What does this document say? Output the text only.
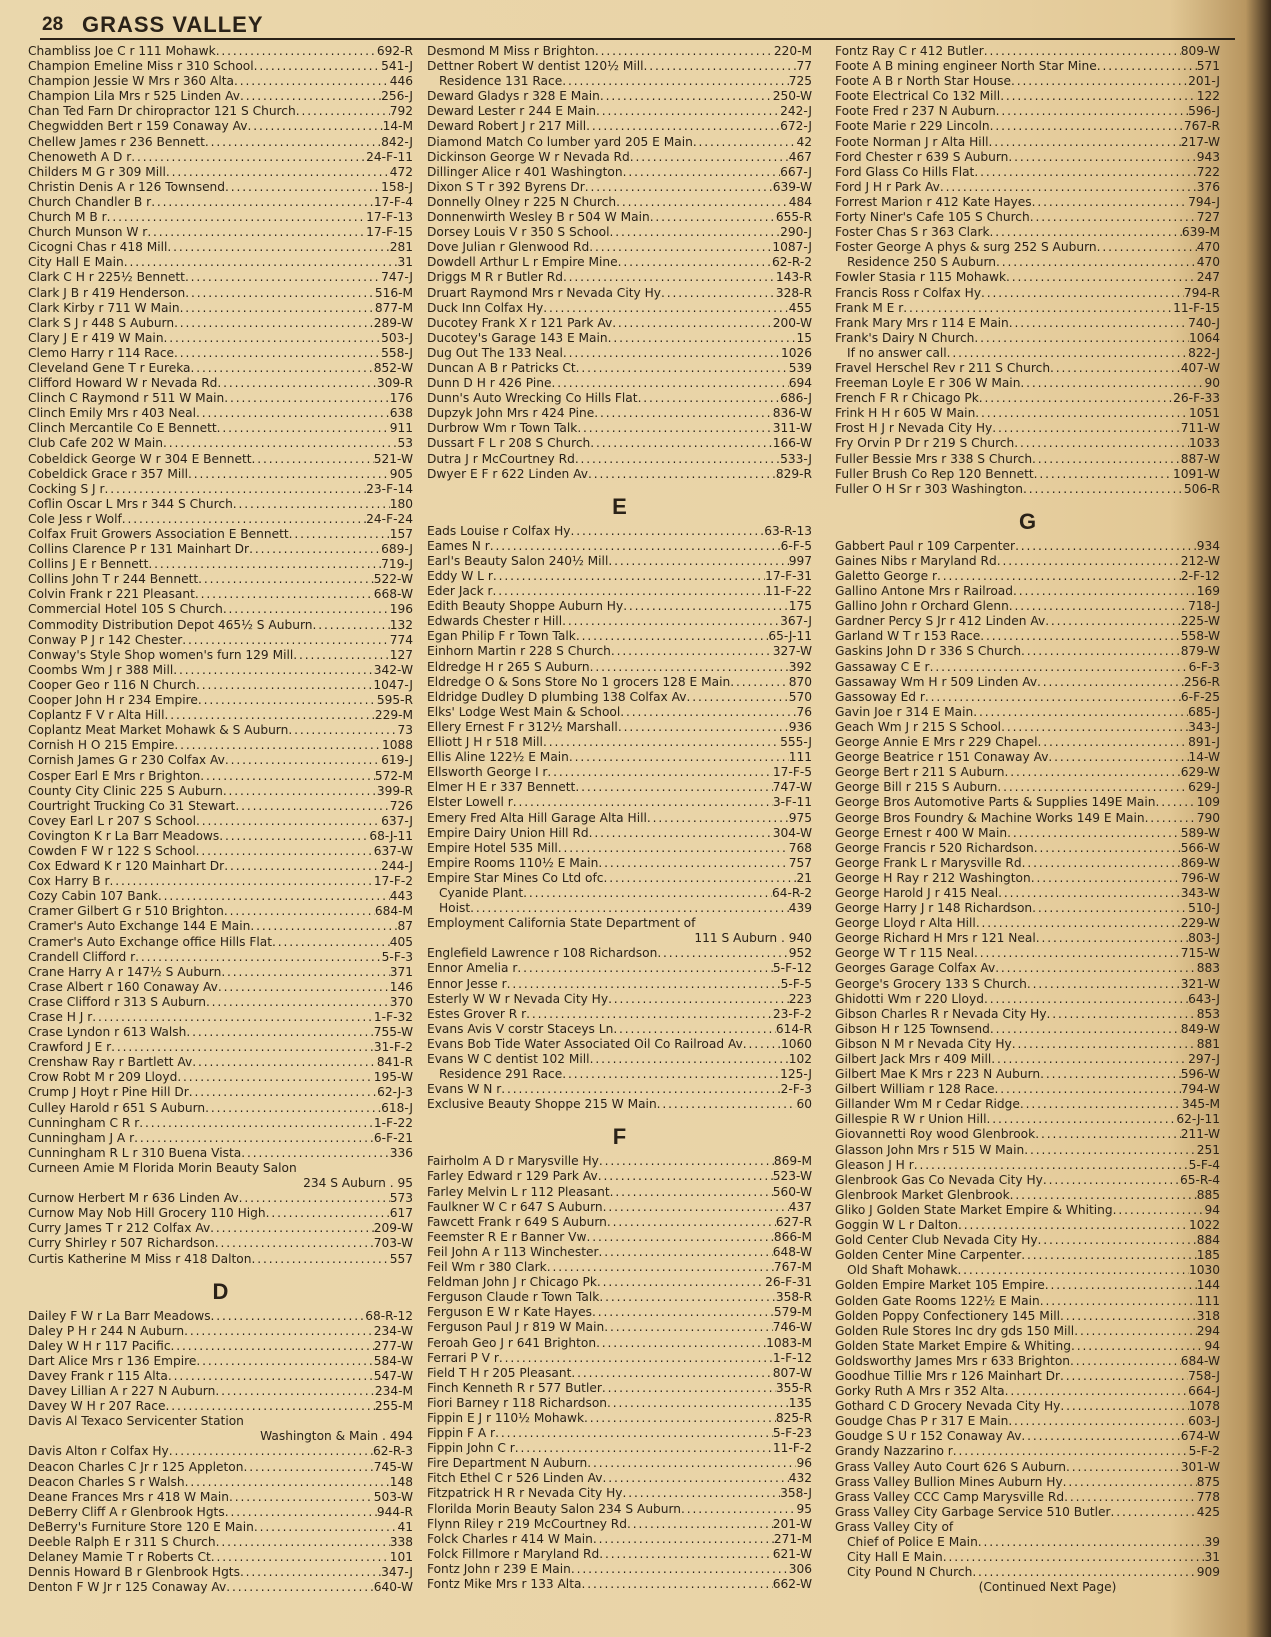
28 GRASS VALLEY
Chambliss Joe C r 111 Mohawk . . .	692-R
Champion Emeline Miss r 310 School . . .	541-J
Champion Jessie W Mrs r 360 Alta . . .	446
Champion Lila Mrs r 525 Linden Av . . .	256-J
Chan Ted Farn Dr chiropractor 121 S Church . . .	792
Chegwidden Bert r 159 Conaway Av . . .	14-M
Chellew James r 236 Bennett . . .	842-J
Chenoweth A D r . . .	24-F-11
Childers M G r 309 Mill . . .	472
Christin Denis A r 126 Townsend . . .	158-J
Church Chandler B r . . .	17-F-4
Church M B r . . .	17-F-13
Church Munson W r . . .	17-F-15
Cicogni Chas r 418 Mill . . .	281
City Hall E Main . . .	31
Clark C H r 225½ Bennett . . .	747-J
Clark J B r 419 Henderson . . .	516-M
Clark Kirby r 711 W Main . . .	877-M
Clark S J r 448 S Auburn . . .	289-W
Clary J E r 419 W Main . . .	503-J
Clemo Harry r 114 Race . . .	558-J
Cleveland Gene T r Eureka . . .	852-W
Clifford Howard W r Nevada Rd . . .	309-R
Clinch C Raymond r 511 W Main . . .	176
Clinch Emily Mrs r 403 Neal . . .	638
Clinch Mercantile Co E Bennett . . .	911
Club Cafe 202 W Main . . .	53
Cobeldick George W r 304 E Bennett . . .	521-W
Cobeldick Grace r 357 Mill . . .	905
Cocking S J r . . .	23-F-14
Coflin Oscar L Mrs r 344 S Church . . .	180
Cole Jess r Wolf . . .	24-F-24
Colfax Fruit Growers Association E Bennett . . .	157
Collins Clarence P r 131 Mainhart Dr . . .	689-J
Collins J E r Bennett . . .	719-J
Collins John T r 244 Bennett . . .	522-W
Colvin Frank r 221 Pleasant . . .	668-W
Commercial Hotel 105 S Church . . .	196
Commodity Distribution Depot 465½ S Auburn . . .	132
Conway P J r 142 Chester . . .	774
Conway's Style Shop women's furn 129 Mill . . .	127
Coombs Wm J r 388 Mill . . .	342-W
Cooper Geo r 116 N Church . . .	1047-J
Cooper John H r 234 Empire . . .	595-R
Coplantz F V r Alta Hill . . .	229-M
Coplantz Meat Market Mohawk & S Auburn . . .	73
Cornish H O 215 Empire . . .	1088
Cornish James G r 230 Colfax Av . . .	619-J
Cosper Earl E Mrs r Brighton . . .	572-M
County City Clinic 225 S Auburn . . .	399-R
Courtright Trucking Co 31 Stewart . . .	726
Covey Earl L r 207 S School . . .	637-J
Covington K r La Barr Meadows . . .	68-J-11
Cowden F W r 122 S School . . .	637-W
Cox Edward K r 120 Mainhart Dr . . .	244-J
Cox Harry B r . . .	17-F-2
Cozy Cabin 107 Bank . . .	443
Cramer Gilbert G r 510 Brighton . . .	684-M
Cramer's Auto Exchange 144 E Main . . .	87
Cramer's Auto Exchange office Hills Flat . . .	405
Crandell Clifford r . . .	5-F-3
Crane Harry A r 147½ S Auburn . . .	371
Crase Albert r 160 Conaway Av . . .	146
Crase Clifford r 313 S Auburn . . .	370
Crase H J r . . .	1-F-32
Crase Lyndon r 613 Walsh . . .	755-W
Crawford J E r . . .	31-F-2
Crenshaw Ray r Bartlett Av . . .	841-R
Crow Robt M r 209 Lloyd . . .	195-W
Crump J Hoyt r Pine Hill Dr . . .	62-J-3
Culley Harold r 651 S Auburn . . .	618-J
Cunningham C R r . . .	1-F-22
Cunningham J A r . . .	6-F-21
Cunningham R L r 310 Buena Vista . . .	336
Curneen Amie M Florida Morin Beauty Salon
234 S Auburn . 95
Curnow Herbert M r 636 Linden Av . . .	573
Curnow May Nob Hill Grocery 110 High . . .	617
Curry James T r 212 Colfax Av . . .	209-W
Curry Shirley r 507 Richardson . . .	703-W
Curtis Katherine M Miss r 418 Dalton . . .	557
D
Dailey F W r La Barr Meadows . . .	68-R-12
Daley P H r 244 N Auburn . . .	234-W
Daley W H r 117 Pacific . . .	277-W
Dart Alice Mrs r 136 Empire . . .	584-W
Davey Frank r 115 Alta . . .	547-W
Davey Lillian A r 227 N Auburn . . .	234-M
Davey W H r 207 Race . . .	255-M
Davis Al Texaco Servicenter Station
Washington & Main . 494
Davis Alton r Colfax Hy . . .	62-R-3
Deacon Charles C Jr r 125 Appleton . . .	745-W
Deacon Charles S r Walsh . . .	148
Deane Frances Mrs r 418 W Main . . .	503-W
DeBerry Cliff A r Glenbrook Hgts . . .	944-R
DeBerry's Furniture Store 120 E Main . . .	41
Deeble Ralph E r 311 S Church . . .	338
Delaney Mamie T r Roberts Ct . . .	101
Dennis Howard B r Glenbrook Hgts . . .	347-J
Denton F W Jr r 125 Conaway Av . . .	640-W
Desmond M Miss r Brighton . . .	220-M
Dettner Robert W dentist 120½ Mill . . .	77
Residence 131 Race . . .	725
Deward Gladys r 328 E Main . . .	250-W
Deward Lester r 244 E Main . . .	242-J
Deward Robert J r 217 Mill . . .	672-J
Diamond Match Co lumber yard 205 E Main . . .	42
Dickinson George W r Nevada Rd . . .	467
Dillinger Alice r 401 Washington . . .	667-J
Dixon S T r 392 Byrens Dr . . .	639-W
Donnelly Olney r 225 N Church . . .	484
Donnenwirth Wesley B r 504 W Main . . .	655-R
Dorsey Louis V r 350 S School . . .	290-J
Dove Julian r Glenwood Rd . . .	1087-J
Dowdell Arthur L r Empire Mine . . .	62-R-2
Driggs M R r Butler Rd . . .	143-R
Druart Raymond Mrs r Nevada City Hy . . .	328-R
Duck Inn Colfax Hy . . .	455
Ducotey Frank X r 121 Park Av . . .	200-W
Ducotey's Garage 143 E Main . . .	15
Dug Out The 133 Neal . . .	1026
Duncan A B r Patricks Ct . . .	539
Dunn D H r 426 Pine . . .	694
Dunn's Auto Wrecking Co Hills Flat . . .	686-J
Dupzyk John Mrs r 424 Pine . . .	836-W
Durbrow Wm r Town Talk . . .	311-W
Dussart F L r 208 S Church . . .	166-W
Dutra J r McCourtney Rd . . .	533-J
Dwyer E F r 622 Linden Av . . .	829-R
E
Eads Louise r Colfax Hy . . .	63-R-13
Eames N r . . .	6-F-5
Earl's Beauty Salon 240½ Mill . . .	997
Eddy W L r . . .	17-F-31
Eder Jack r . . .	11-F-22
Edith Beauty Shoppe Auburn Hy . . .	175
Edwards Chester r Hill . . .	367-J
Egan Philip F r Town Talk . . .	65-J-11
Einhorn Martin r 228 S Church . . .	327-W
Eldredge H r 265 S Auburn . . .	392
Eldredge O & Sons Store No 1 grocers 128 E Main . . .	870
Eldridge Dudley D plumbing 138 Colfax Av . . .	570
Elks' Lodge West Main & School . . .	76
Ellery Ernest F r 312½ Marshall . . .	936
Elliott J H r 518 Mill . . .	555-J
Ellis Aline 122½ E Main . . .	111
Ellsworth George I r . . .	17-F-5
Elmer H E r 337 Bennett . . .	747-W
Elster Lowell r . . .	3-F-11
Emery Fred Alta Hill Garage Alta Hill . . .	975
Empire Dairy Union Hill Rd . . .	304-W
Empire Hotel 535 Mill . . .	768
Empire Rooms 110½ E Main . . .	757
Empire Star Mines Co Ltd ofc . . .	21
Cyanide Plant . . .	64-R-2
Hoist . . .	439
Employment California State Department of
111 S Auburn . 940
Englefield Lawrence r 108 Richardson . . .	952
Ennor Amelia r . . .	5-F-12
Ennor Jesse r . . .	5-F-5
Esterly W W r Nevada City Hy . . .	223
Estes Grover R r . . .	23-F-2
Evans Avis V corstr Staceys Ln . . .	614-R
Evans Bob Tide Water Associated Oil Co Railroad Av . . .	1060
Evans W C dentist 102 Mill . . .	102
Residence 291 Race . . .	125-J
Evans W N r . . .	2-F-3
Exclusive Beauty Shoppe 215 W Main . . .	60
F
Fairholm A D r Marysville Hy . . .	869-M
Farley Edward r 129 Park Av . . .	523-W
Farley Melvin L r 112 Pleasant . . .	560-W
Faulkner W C r 647 S Auburn . . .	437
Fawcett Frank r 649 S Auburn . . .	627-R
Feemster R E r Banner Vw . . .	866-M
Feil John A r 113 Winchester . . .	648-W
Feil Wm r 380 Clark . . .	767-M
Feldman John J r Chicago Pk . . .	26-F-31
Ferguson Claude r Town Talk . . .	358-R
Ferguson E W r Kate Hayes . . .	579-M
Ferguson Paul J r 819 W Main . . .	746-W
Feroah Geo J r 641 Brighton . . .	1083-M
Ferrari P V r . . .	1-F-12
Field T H r 205 Pleasant . . .	807-W
Finch Kenneth R r 577 Butler . . .	355-R
Fiori Barney r 118 Richardson . . .	135
Fippin E J r 110½ Mohawk . . .	825-R
Fippin F A r . . .	5-F-23
Fippin John C r . . .	11-F-2
Fire Department N Auburn . . .	96
Fitch Ethel C r 526 Linden Av . . .	432
Fitzpatrick H R r Nevada City Hy . . .	358-J
Florilda Morin Beauty Salon 234 S Auburn . . .	95
Flynn Riley r 219 McCourtney Rd . . .	201-W
Folck Charles r 414 W Main . . .	271-M
Folck Fillmore r Maryland Rd . . .	621-W
Fontz John r 239 E Main . . .	306
Fontz Mike Mrs r 133 Alta . . .	662-W
Fontz Ray C r 412 Butler . . .	809-W
Foote A B mining engineer North Star Mine . . .	571
Foote A B r North Star House . . .	201-J
Foote Electrical Co 132 Mill . . .	122
Foote Fred r 237 N Auburn . . .	596-J
Foote Marie r 229 Lincoln . . .	767-R
Foote Norman J r Alta Hill . . .	217-W
Ford Chester r 639 S Auburn . . .	943
Ford Glass Co Hills Flat . . .	722
Ford J H r Park Av . . .	376
Forrest Marion r 412 Kate Hayes . . .	794-J
Forty Niner's Cafe 105 S Church . . .	727
Foster Chas S r 363 Clark . . .	639-M
Foster George A phys & surg 252 S Auburn . . .	470
Residence 250 S Auburn . . .	470
Fowler Stasia r 115 Mohawk . . .	247
Francis Ross r Colfax Hy . . .	794-R
Frank M E r . . .	11-F-15
Frank Mary Mrs r 114 E Main . . .	740-J
Frank's Dairy N Church . . .	1064
If no answer call . . .	822-J
Fravel Herschel Rev r 211 S Church . . .	407-W
Freeman Loyle E r 306 W Main . . .	90
French F R r Chicago Pk . . .	26-F-33
Frink H H r 605 W Main . . .	1051
Frost H J r Nevada City Hy . . .	711-W
Fry Orvin P Dr r 219 S Church . . .	1033
Fuller Bessie Mrs r 338 S Church . . .	887-W
Fuller Brush Co Rep 120 Bennett . . .	1091-W
Fuller O H Sr r 303 Washington . . .	506-R
G
Gabbert Paul r 109 Carpenter . . .	934
Gaines Nibs r Maryland Rd . . .	212-W
Galetto George r . . .	2-F-12
Gallino Antone Mrs r Railroad . . .	169
Gallino John r Orchard Glenn . . .	718-J
Gardner Percy S Jr r 412 Linden Av . . .	225-W
Garland W T r 153 Race . . .	558-W
Gaskins John D r 336 S Church . . .	879-W
Gassaway C E r . . .	6-F-3
Gassaway Wm H r 509 Linden Av . . .	256-R
Gassoway Ed r . . .	6-F-25
Gavin Joe r 314 E Main . . .	685-J
Geach Wm J r 215 S School . . .	343-J
George Annie E Mrs r 229 Chapel . . .	891-J
George Beatrice r 151 Conaway Av . . .	14-W
George Bert r 211 S Auburn . . .	629-W
George Bill r 215 S Auburn . . .	629-J
George Bros Automotive Parts & Supplies 149E Main . . .	109
George Bros Foundry & Machine Works 149 E Main . . .	790
George Ernest r 400 W Main . . .	589-W
George Francis r 520 Richardson . . .	566-W
George Frank L r Marysville Rd . . .	869-W
George H Ray r 212 Washington . . .	796-W
George Harold J r 415 Neal . . .	343-W
George Harry J r 148 Richardson . . .	510-J
George Lloyd r Alta Hill . . .	229-W
George Richard H Mrs r 121 Neal . . .	803-J
George W T r 115 Neal . . .	715-W
Georges Garage Colfax Av . . .	883
George's Grocery 133 S Church . . .	321-W
Ghidotti Wm r 220 Lloyd . . .	643-J
Gibson Charles R r Nevada City Hy . . .	853
Gibson H r 125 Townsend . . .	849-W
Gibson N M r Nevada City Hy . . .	881
Gilbert Jack Mrs r 409 Mill . . .	297-J
Gilbert Mae K Mrs r 223 N Auburn . . .	596-W
Gilbert William r 128 Race . . .	794-W
Gillander Wm M r Cedar Ridge . . .	345-M
Gillespie R W r Union Hill . . .	62-J-11
Giovannetti Roy wood Glenbrook . . .	211-W
Glasson John Mrs r 515 W Main . . .	251
Gleason J H r . . .	5-F-4
Glenbrook Gas Co Nevada City Hy . . .	65-R-4
Glenbrook Market Glenbrook . . .	885
Gliko J Golden State Market Empire & Whiting . . .	94
Goggin W L r Dalton . . .	1022
Gold Center Club Nevada City Hy . . .	884
Golden Center Mine Carpenter . . .	185
Old Shaft Mohawk . . .	1030
Golden Empire Market 105 Empire . . .	144
Golden Gate Rooms 122½ E Main . . .	111
Golden Poppy Confectionery 145 Mill . . .	318
Golden Rule Stores Inc dry gds 150 Mill . . .	294
Golden State Market Empire & Whiting . . .	94
Goldsworthy James Mrs r 633 Brighton . . .	684-W
Goodhue Tillie Mrs r 126 Mainhart Dr . . .	758-J
Gorky Ruth A Mrs r 352 Alta . . .	664-J
Gothard C D Grocery Nevada City Hy . . .	1078
Goudge Chas P r 317 E Main . . .	603-J
Goudge S U r 152 Conaway Av . . .	674-W
Grandy Nazzarino r . . .	5-F-2
Grass Valley Auto Court 626 S Auburn . . .	301-W
Grass Valley Bullion Mines Auburn Hy . . .	875
Grass Valley CCC Camp Marysville Rd . . .	778
Grass Valley City Garbage Service 510 Butler . . .	425
Grass Valley City of
Chief of Police E Main . . .	39
City Hall E Main . . .	31
City Pound N Church . . .	909
(Continued Next Page)
